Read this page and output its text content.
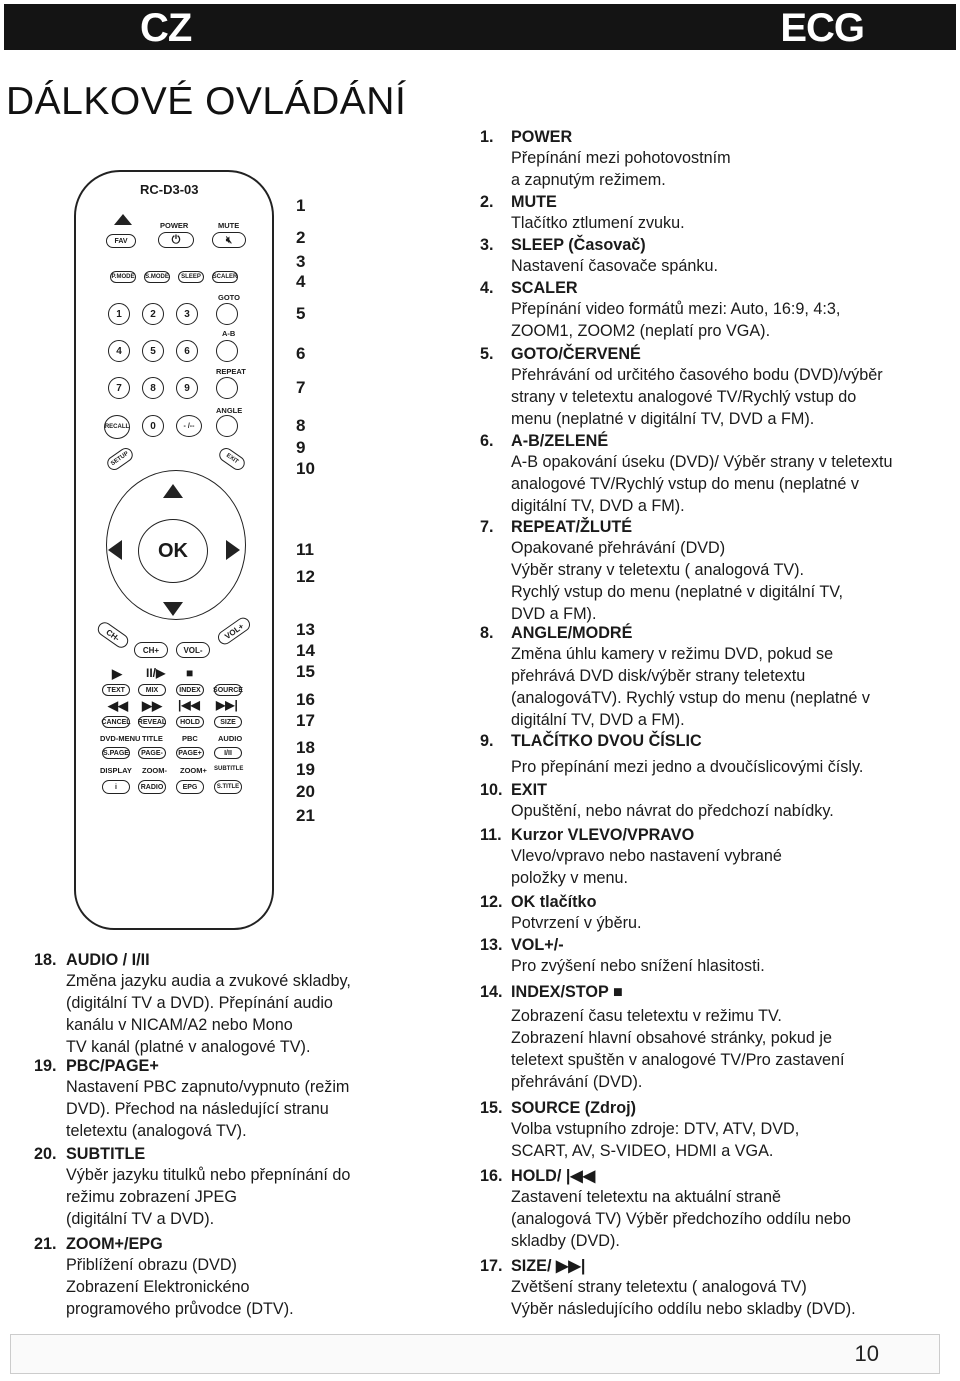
CZ	ECG
DÁLKOVÉ OVLÁDÁNÍ
RC-D3-03
FAV
POWER
⏻
MUTE
🔇︎
P.MODE S.MODE	SLEEP	SCALER
GOTO
1	2	3
A-B
4	5	6
REPEAT
7	8	9
ANGLE
RECALL	0	- /--
SETUP	EXIT
OK
CH-
CH+	VOL-
VOL+
▶ II/▶ ■
TEXT	MIX	INDEX	SOURCE
◀◀ ▶▶ |◀◀ ▶▶|
CANCEL REVEAL	HOLD	SIZE
DVD-MENU TITLE	PBC	AUDIO
S.PAGE	PAGE-	PAGE+	I/II
DISPLAY ZOOM- ZOOM+ SUBTITLE
i	RADIO	EPG	S.TITLE
1
2
3
4
5
6
7
8
9
10
11
12
13
14
15
16
17
18
19
20
21
18. AUDIO / I/II
Změna jazyku audia a zvukové skladby,
(digitální TV a DVD). Přepínání audio
kanálu v NICAM/A2 nebo Mono
TV kanál (platné v analogové TV).
19. PBC/PAGE+
Nastavení PBC zapnuto/vypnuto (režim
DVD). Přechod na následující stranu
teletextu (analogová TV).
20. SUBTITLE
Výběr jazyku titulků nebo přepnínání do
režimu zobrazení JPEG
(digitální TV a DVD).
21. ZOOM+/EPG
Přiblížení obrazu (DVD)
Zobrazení Elektronickéno
programového průvodce (DTV).
1. POWER
Přepínání mezi pohotovostním
a zapnutým režimem.
2. MUTE
Tlačítko ztlumení zvuku.
3. SLEEP (Časovač)
Nastavení časovače spánku.
4. SCALER
Přepínání video formátů mezi: Auto, 16:9, 4:3,
ZOOM1, ZOOM2 (neplatí pro VGA).
5. GOTO/ČERVENÉ
Přehrávání od určitého časového bodu (DVD)/výběr
strany v teletextu analogové TV/Rychlý vstup do
menu (neplatné v digitální TV, DVD a FM).
6. A-B/ZELENÉ
A-B opakování úseku (DVD)/ Výběr strany v teletextu
analogové TV/Rychlý vstup do menu (neplatné v
digitální TV, DVD a FM).
7. REPEAT/ŽLUTÉ
Opakované přehrávání (DVD)
Výběr strany v teletextu ( analogová TV).
Rychlý vstup do menu (neplatné v digitální TV,
DVD a FM).
8. ANGLE/MODRÉ
Změna úhlu kamery v režimu DVD, pokud se
přehrává DVD disk/výběr strany teletextu
(analogováTV). Rychlý vstup do menu (neplatné v
digitální TV, DVD a FM).
9. TLAČÍTKO DVOU ČÍSLIC
Pro přepínání mezi jedno a dvoučíslicovými čísly.
10. EXIT
Opuštění, nebo návrat do předchozí nabídky.
11. Kurzor VLEVO/VPRAVO
Vlevo/vpravo nebo nastavení vybrané
položky v menu.
12. OK tlačítko
Potvrzení v ýběru.
13. VOL+/-
Pro zvýšení nebo snížení hlasitosti.
14. INDEX/STOP ■
Zobrazení času teletextu v režimu TV.
Zobrazení hlavní obsahové stránky, pokud je
teletext spuštěn v analogové TV/Pro zastavení
přehrávání (DVD).
15. SOURCE (Zdroj)
Volba vstupního zdroje: DTV, ATV, DVD,
SCART, AV, S-VIDEO, HDMI a VGA.
16. HOLD/ |◀◀
Zastavení teletextu na aktuální straně
(analogová TV) Výběr předchozího oddílu nebo
skladby (DVD).
17. SIZE/ ▶▶|
Zvětšení strany teletextu ( analogová TV)
Výběr následujícího oddílu nebo skladby (DVD).
10
